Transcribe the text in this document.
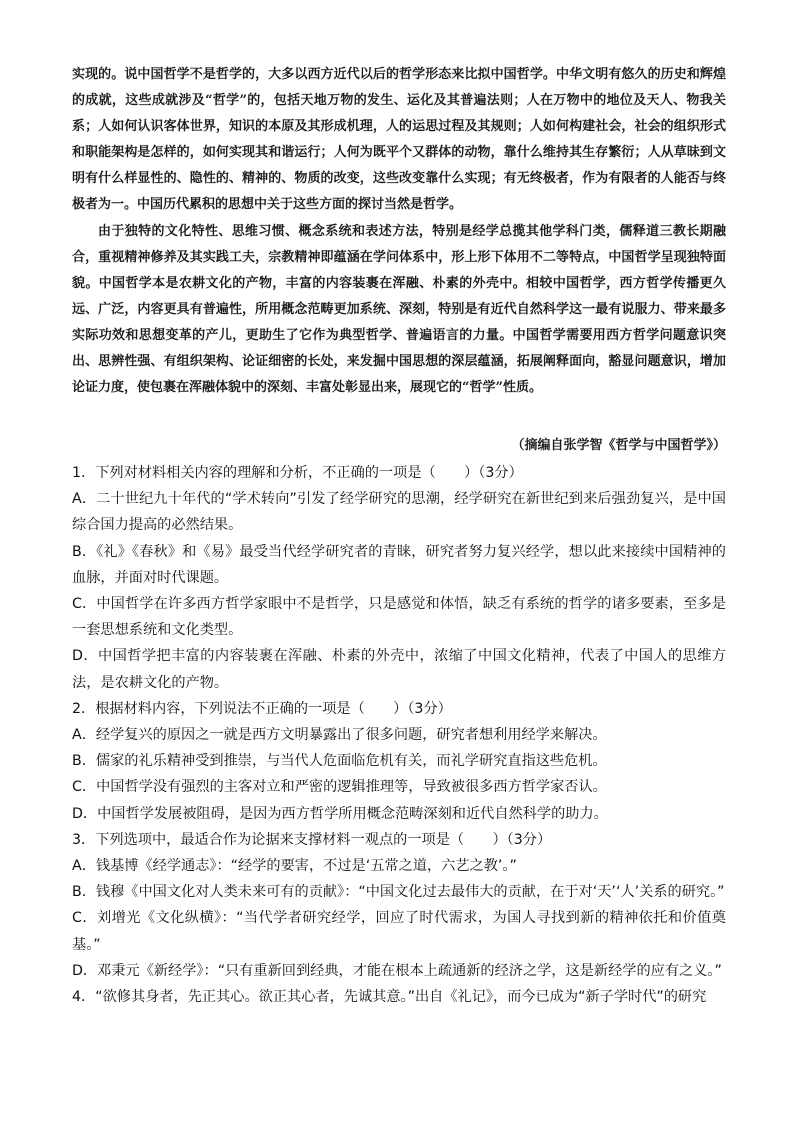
实现的。说中国哲学不是哲学的，大多以西方近代以后的哲学形态来比拟中国哲学。中华文明有悠久的历史和辉煌的成就，这些成就涉及“哲学”的，包括天地万物的发生、运化及其普遍法则；人在万物中的地位及天人、物我关系；人如何认识客体世界，知识的本原及其形成机理，人的运思过程及其规则；人如何构建社会，社会的组织形式和职能架构是怎样的，如何实现其和谐运行；人何为既平个又群体的动物，靠什么维持其生存繁衍；人从草昧到文明有什么样显性的、隐性的、精神的、物质的改变，这些改变靠什么实现；有无终极者，作为有限者的人能否与终极者为一。中国历代累积的思想中关于这些方面的探讨当然是哲学。

由于独特的文化特性、思维习惯、概念系统和表述方法，特别是经学总揽其他学科门类，儒释道三教长期融合，重视精神修养及其实践工夫，宗教精神即蕴涵在学问体系中，形上形下体用不二等特点，中国哲学呈现独特面貌。中国哲学本是农耕文化的产物，丰富的内容装裹在浑融、朴素的外壳中。相较中国哲学，西方哲学传播更久远、广泛，内容更具有普遍性，所用概念范畴更加系统、深刻，特别是有近代自然科学这一最有说服力、带来最多实际功效和思想变革的产儿，更助生了它作为典型哲学、普遍语言的力量。中国哲学需要用西方哲学问题意识突出、思辨性强、有组织架构、论证细密的长处，来发掘中国思想的深层蕴涵，拓展阐释面向，豁显问题意识，增加论证力度，使包裹在浑融体貌中的深刻、丰富处彰显出来，展现它的“哲学”性质。

（摘编自张学智《哲学与中国哲学》）

1．下列对材料相关内容的理解和分析，不正确的一项是（　　）（3分）

A．二十世纪九十年代的“学术转向”引发了经学研究的思潮，经学研究在新世纪到来后强劲复兴，是中国综合国力提高的必然结果。

B．《礼》《春秋》和《易》最受当代经学研究者的青睐，研究者努力复兴经学，想以此来接续中国精神的血脉，并面对时代课题。

C．中国哲学在许多西方哲学家眼中不是哲学，只是感觉和体悟，缺乏有系统的哲学的诸多要素，至多是一套思想系统和文化类型。

D．中国哲学把丰富的内容装裹在浑融、朴素的外壳中，浓缩了中国文化精神，代表了中国人的思维方法，是农耕文化的产物。

2．根据材料内容，下列说法不正确的一项是（　　）（3分）

A．经学复兴的原因之一就是西方文明暴露出了很多问题，研究者想利用经学来解决。

B．儒家的礼乐精神受到推崇，与当代人危面临危机有关，而礼学研究直指这些危机。

C．中国哲学没有强烈的主客对立和严密的逻辑推理等，导致被很多西方哲学家否认。

D．中国哲学发展被阻碍，是因为西方哲学所用概念范畴深刻和近代自然科学的助力。

3．下列选项中，最适合作为论据来支撑材料一观点的一项是（　　）（3分）

A．钱基博《经学通志》：“经学的要害，不过是‘五常之道，六艺之教’。”

B．钱穆《中国文化对人类未来可有的贡献》：“中国文化过去最伟大的贡献，在于对‘天’‘人’关系的研究。”

C．刘增光《文化纵横》：“当代学者研究经学，回应了时代需求，为国人寻找到新的精神依托和价值奠基。”

D．邓秉元《新经学》：“只有重新回到经典，才能在根本上疏通新的经济之学，这是新经学的应有之义。”

4．“欲修其身者，先正其心。欲正其心者，先诚其意。”出自《礼记》，而今已成为“新子学时代”的研究
